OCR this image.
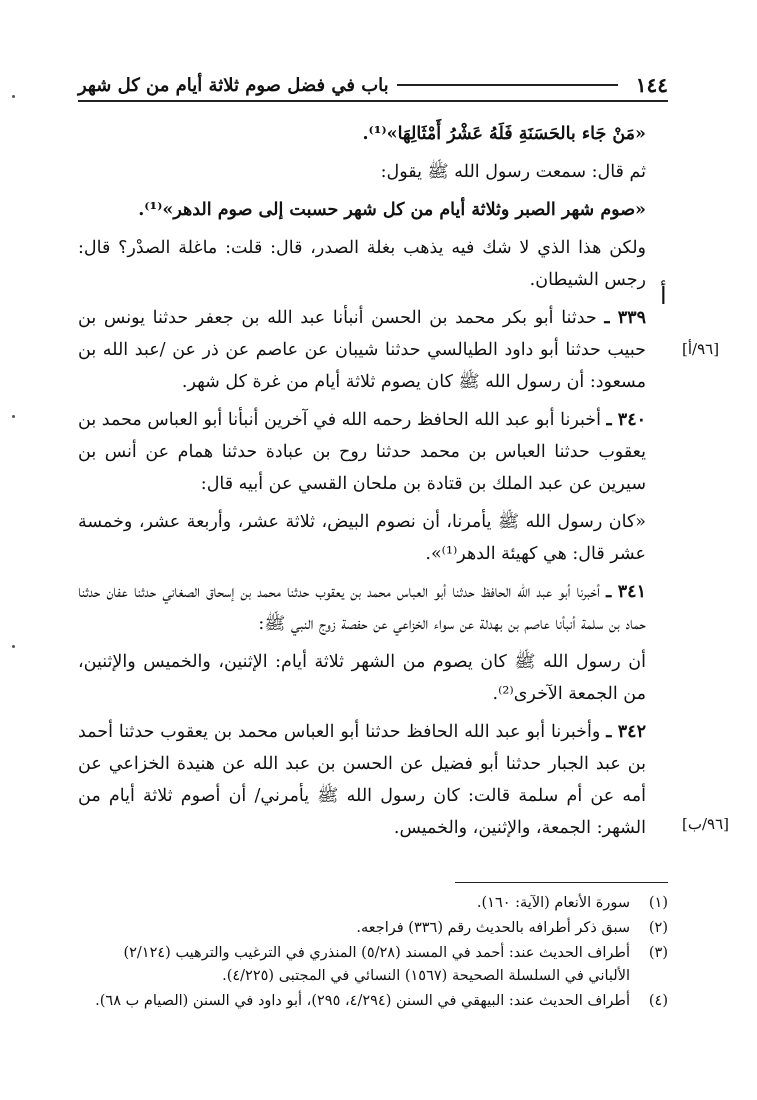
١٤٤
باب في فضل صوم ثلاثة أيام من كل شهر

«مَنْ جَاء بالحَسَنَةِ فَلَهُ عَشْرُ أَمْثَالِهَا»⁽¹⁾.

ثم قال: سمعت رسول الله ﷺ يقول:

«صوم شهر الصبر وثلاثة أيام من كل شهر حسبت إلى صوم الدهر»⁽¹⁾.

ولكن هذا الذي لا شك فيه يذهب بغلة الصدر، قال: قلت: ماغلة الصدْر؟ قال: رجس الشيطان.

٣٣٩ ـ حدثنا أبو بكر محمد بن الحسن أنبأنا عبد الله بن جعفر حدثنا يونس بن حبيب حدثنا أبو داود الطيالسي حدثنا شيبان عن عاصم عن ذر عن /عبد الله بن مسعود: أن رسول الله ﷺ كان يصوم ثلاثة أيام من غرة كل شهر.

٣٤٠ ـ أخبرنا أبو عبد الله الحافظ رحمه الله في آخرين أنبأنا أبو العباس محمد بن يعقوب حدثنا العباس بن محمد حدثنا روح بن عبادة حدثنا همام عن أنس بن سيرين عن عبد الملك بن قتادة بن ملحان القسي عن أبيه قال:

«كان رسول الله ﷺ يأمرنا، أن نصوم البيض، ثلاثة عشر، وأربعة عشر، وخمسة عشر قال: هي كهيئة الدهر⁽¹⁾».

٣٤١ ـ أخبرنا أبو عبد الله الحافظ حدثنا أبو العباس محمد بن يعقوب حدثنا محمد بن إسحاق الصغاني حدثنا عفان حدثنا حماد بن سلمة أنبأنا عاصم بن بهدلة عن سواء الخزاعي عن حفصة زوج النبي ﷺ:

أن رسول الله ﷺ كان يصوم من الشهر ثلاثة أيام: الإثنين، والخميس والإثنين، من الجمعة الآخرى⁽²⁾.

٣٤٢ ـ وأخبرنا أبو عبد الله الحافظ حدثنا أبو العباس محمد بن يعقوب حدثنا أحمد بن عبد الجبار حدثنا أبو فضيل عن الحسن بن عبد الله عن هنيدة الخزاعي عن أمه عن أم سلمة قالت: كان رسول الله ﷺ يأمرني/ أن أصوم ثلاثة أيام من الشهر: الجمعة، والإثنين، والخميس.

أ
[٩٦/أ]
[٩٦/ب]
(١)
سورة الأنعام (الآية: ١٦٠).
(٢)
سبق ذكر أطرافه بالحديث رقم (٣٣٦) فراجعه.
(٣)
أطراف الحديث عند: أحمد في المسند (٥/٢٨) المنذري في الترغيب والترهيب (٢/١٢٤) الألباني في السلسلة الصحيحة (١٥٦٧) النسائي في المجتبى (٤/٢٢٥).
(٤)
أطراف الحديث عند: البيهقي في السنن (٤/٢٩٤، ٢٩٥)، أبو داود في السنن (الصيام ب ٦٨).
